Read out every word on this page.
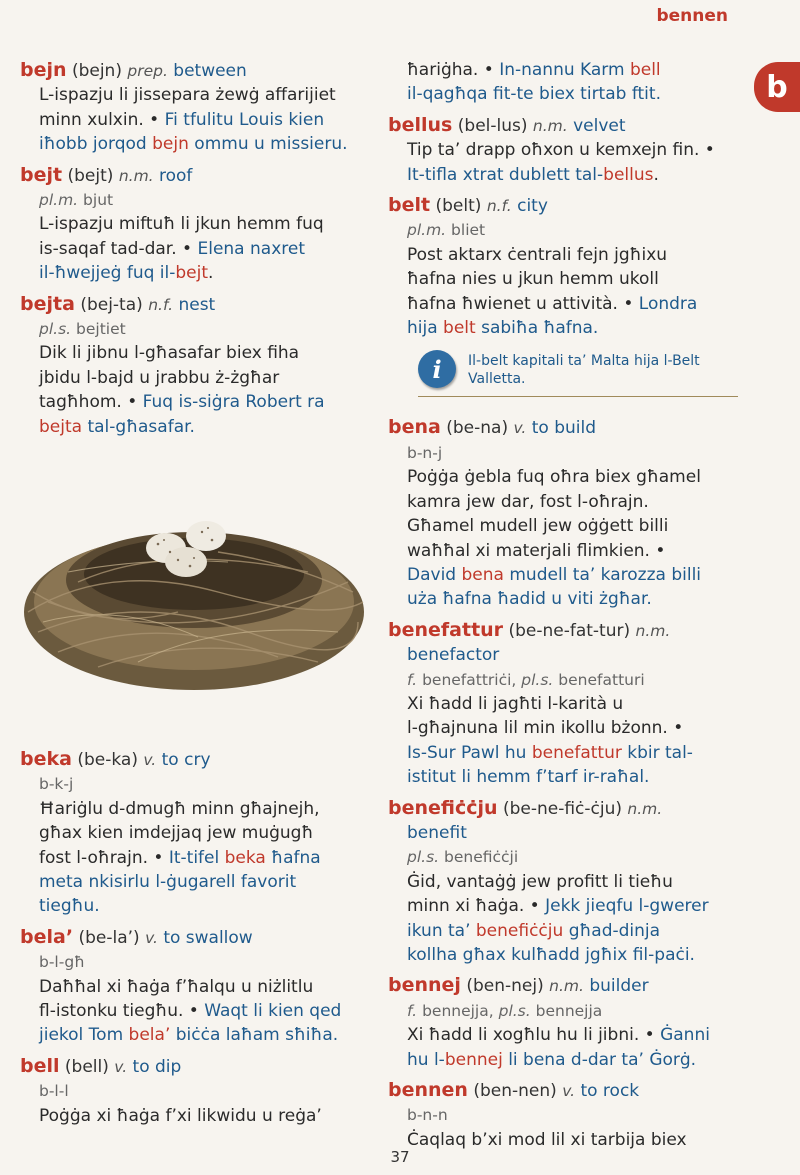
bennen
b
bejn (bejn) prep. between
L-ispazju li jissepara żewġ affarijiet
minn xulxin. • Fi tfulitu Louis kien
iħobb jorqod bejn ommu u missieru.
bejt (bejt) n.m. roof
pl.m. bjut
L-ispazju miftuħ li jkun hemm fuq
is-saqaf tad-dar. • Elena naxret
il-ħwejjeġ fuq il-bejt.
bejta (bej-ta) n.f. nest
pl.s. bejtiet
Dik li jibnu l-għasafar biex fiha
jbidu l-bajd u jrabbu ż-żgħar
tagħhom. • Fuq is-siġra Robert ra
bejta tal-għasafar.
beka (be-ka) v. to cry
b-k-j
Ħariġlu d-dmugħ minn għajnejh,
għax kien imdejjaq jew muġugħ
fost l-oħrajn. • It-tifel beka ħafna
meta nkisirlu l-ġugarell favorit
tiegħu.
bela’ (be-la’) v. to swallow
b-l-għ
Daħħal xi ħaġa f’ħalqu u niżlitlu
fl-istonku tiegħu. • Waqt li kien qed
jiekol Tom bela’ biċċa laħam sħiħa.
bell (bell) v. to dip
b-l-l
Poġġa xi ħaġa f’xi likwidu u reġa’
ħariġha. • In-nannu Karm bell
il-qagħqa fit-te biex tirtab ftit.
bellus (bel-lus) n.m. velvet
Tip ta’ drapp oħxon u kemxejn fin. •
It-tifla xtrat dublett tal-bellus.
belt (belt) n.f. city
pl.m. bliet
Post aktarx ċentrali fejn jgħixu
ħafna nies u jkun hemm ukoll
ħafna ħwienet u attività. • Londra
hija belt sabiħa ħafna.
i	Il-belt kapitali ta’ Malta hija l-Belt
Valletta.
bena (be-na) v. to build
b-n-j
Poġġa ġebla fuq oħra biex għamel
kamra jew dar, fost l-oħrajn.
Għamel mudell jew oġġett billi
waħħal xi materjali flimkien. •
David bena mudell ta’ karozza billi
uża ħafna ħadid u viti żgħar.
benefattur (be-ne-fat-tur) n.m.
benefactor
f. benefattriċi, pl.s. benefatturi
Xi ħadd li jagħti l-karità u
l-għajnuna lil min ikollu bżonn. •
Is-Sur Pawl hu benefattur kbir tal-
istitut li hemm f’tarf ir-raħal.
benefiċċju (be-ne-fiċ-ċju) n.m.
benefit
pl.s. benefiċċji
Ġid, vantaġġ jew profitt li tieħu
minn xi ħaġa. • Jekk jieqfu l-gwerer
ikun ta’ benefiċċju għad-dinja
kollha għax kulħadd jgħix fil-paċi.
bennej (ben-nej) n.m. builder
f. bennejja, pl.s. bennejja
Xi ħadd li xogħlu hu li jibni. • Ġanni
hu l-bennej li bena d-dar ta’ Ġorġ.
bennen (ben-nen) v. to rock
b-n-n
Ċaqlaq b’xi mod lil xi tarbija biex
37
